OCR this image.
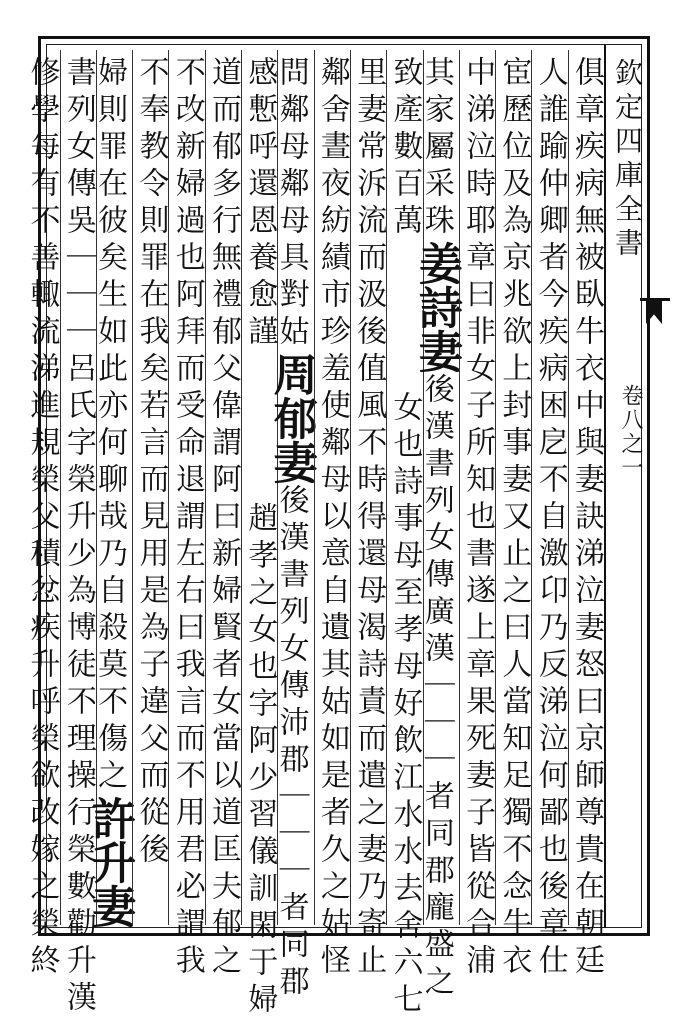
欽定四庫全書
卷八之一
俱章疾病無被臥牛衣中與妻訣涕泣妻怒曰京師尊貴在朝廷
人誰踰仲卿者今疾病困戹不自激卬乃反涕泣何鄙也後章仕
宦歷位及為京兆欲上封事妻又止之曰人當知足獨不念牛衣
中涕泣時耶章曰非女子所知也書遂上章果死妻子皆從合浦
其家屬采珠姜詩妻後漢書列女傳廣漢｜｜｜者同郡龐盛之
致產數百萬女也詩事母至孝母好飲江水水去舍六七
里妻常泝流而汲後值風不時得還母渴詩責而遣之妻乃寄止
鄰舍晝夜紡績市珍羞使鄰母以意自遺其姑如是者久之姑怪
問鄰母鄰母具對姑周郁妻後漢書列女傳沛郡｜｜｜者同郡
感慙呼還恩養愈謹趙孝之女也字阿少習儀訓閑于婦
道而郁多行無禮郁父偉謂阿曰新婦賢者女當以道匡夫郁之
不改新婦過也阿拜而受命退謂左右曰我言而不用君必謂我
不奉教令則罪在我矣若言而見用是為子違父而從後
婦則罪在彼矣生如此亦何聊哉乃自殺莫不傷之許升妻
書列女傳吳｜｜｜呂氏字榮升少為博徒不理操行榮數勸升漢
修學每有不善輙流涕進規榮父積忿疾升呼榮欲改嫁之榮終
